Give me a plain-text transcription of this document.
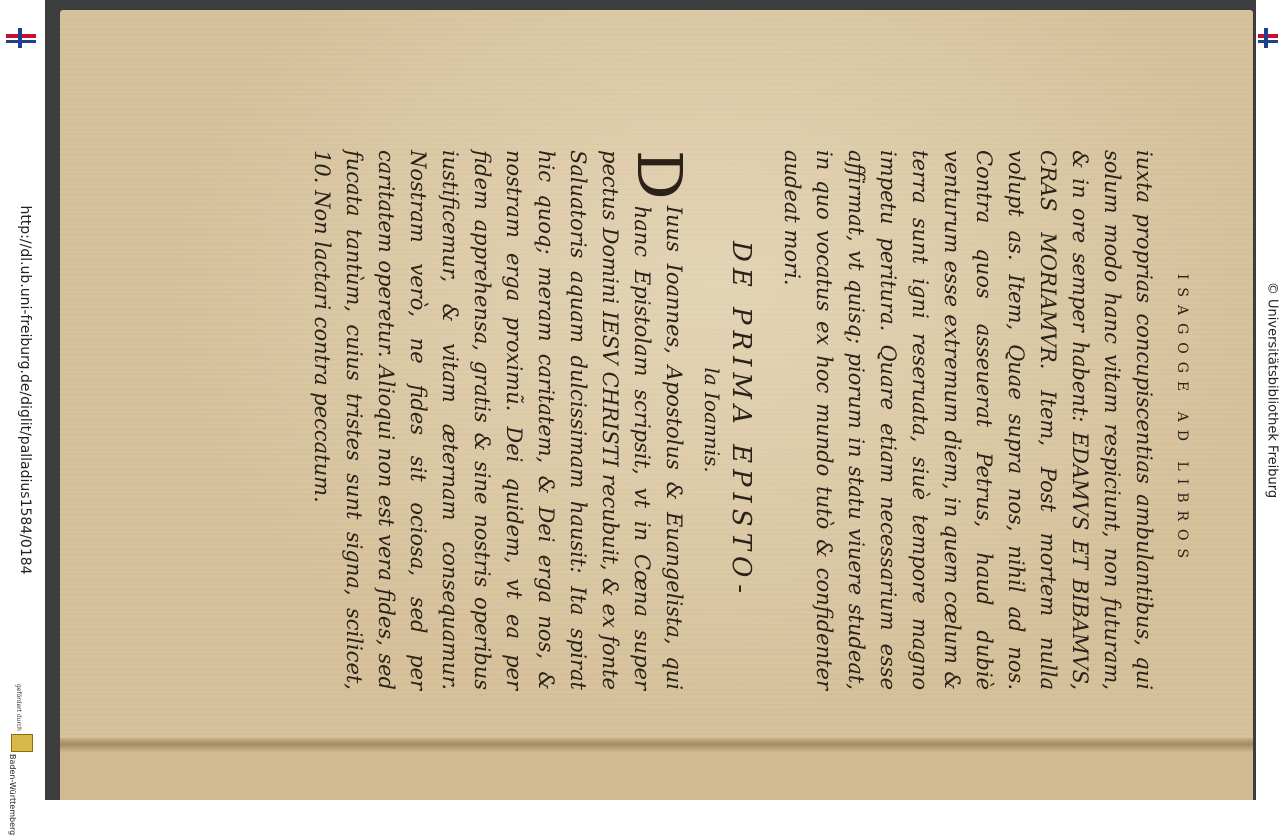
http://dl.ub.uni-freiburg.de/diglit/palladius1584/0184
gefördert durch
Baden-Württemberg
ISAGOGE AD LIBROS

iuxta proprias concupiscentias ambulantibus, qui solum modo hanc vitam respiciunt, non futuram, & in ore semper habent: EDAMVS ET BIBAMVS, CRAS MORIAMVR. Item, Post mortem nulla volupt as. Item, Quae supra nos, nihil ad nos. Contra quos asseuerat Petrus, haud dubiè venturum esse extremum diem, in quem cœlum & terra sunt igni reseruata, siuè tempore magno impetu peritura. Quare etiam necessarium esse affirmat, vt quisq; piorum in statu viuere studeat, in quo vocatus ex hoc mundo tutò & confidenter audeat mori.

DE PRIMA EPISTO-
la Ioannis.

D
Iuus Ioannes, Apostolus & Euangelista, qui hanc Epistolam scripsit, vt in Cœna super pectus Domini IESV CHRISTI recubuit, & ex fonte Saluatoris aquam dulcissimam hausit: Ita spirat hic quoq; meram caritatem, & Dei erga nos, & nostram erga proximũ. Dei quidem, vt ea per fidem apprehensa, gratis & sine nostris operibus iustificemur, & vitam æternam consequamur. Nostram verò, ne fides sit ociosa, sed per caritatem operetur. Alioqui non est vera fides, sed fucata tantùm, cuius tristes sunt signa, scilicet, 10. Non lactari contra peccatum.	© Universitätsbibliothek Freiburg
